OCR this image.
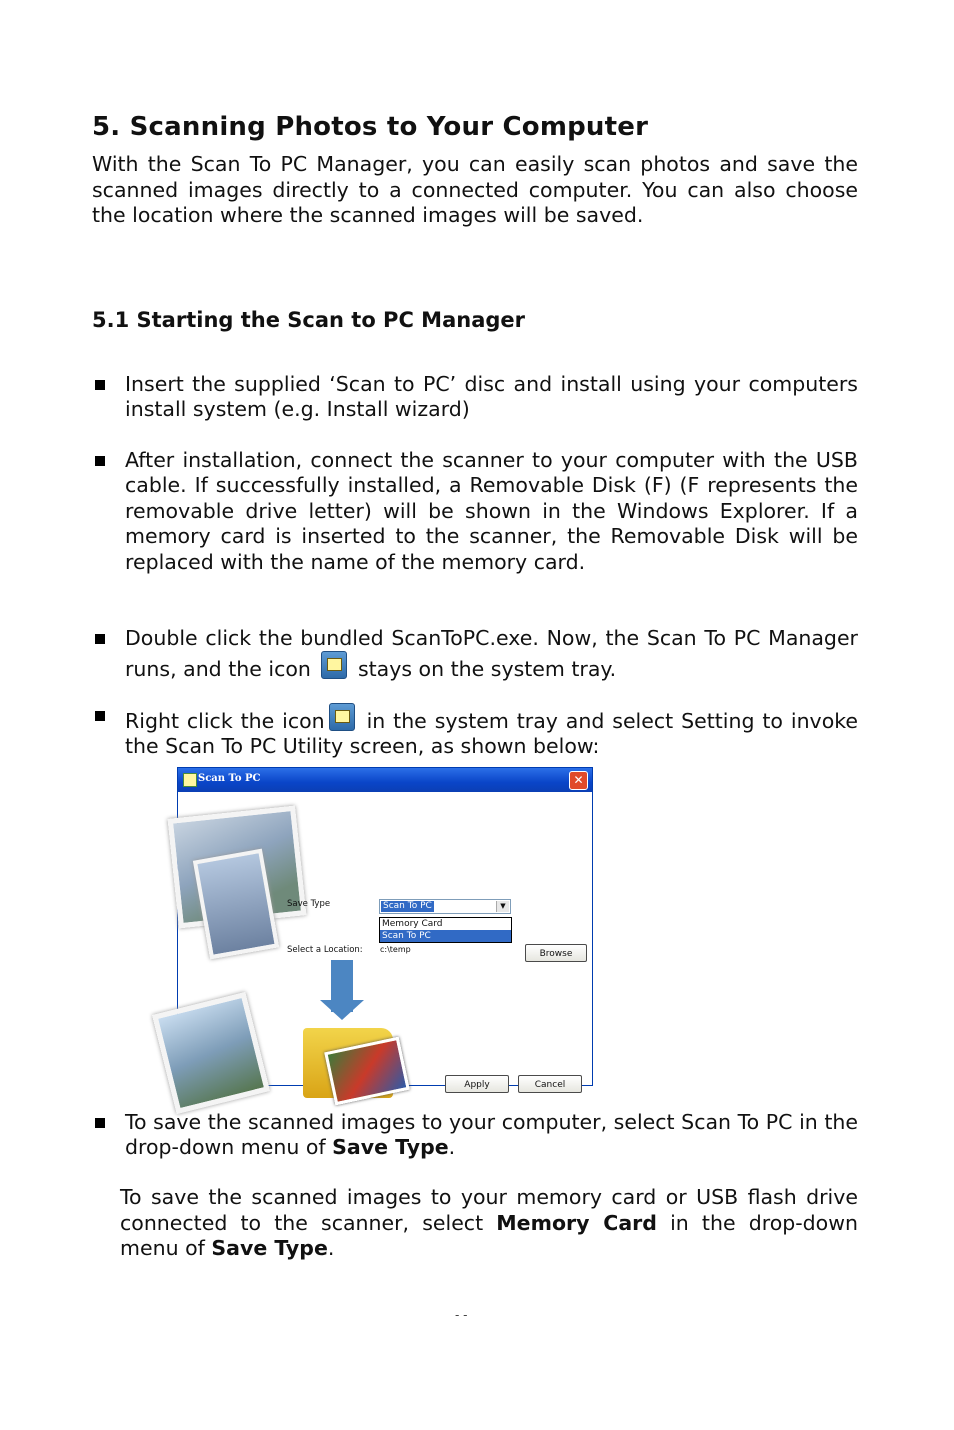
5. Scanning Photos to Your Computer

With the Scan To PC Manager, you can easily scan photos and save the scanned images directly to a connected computer. You can also choose the location where the scanned images will be saved.

5.1 Starting the Scan to PC Manager
Insert the supplied ‘Scan to PC’ disc and install using your computers install system (e.g. Install wizard)
After installation, connect the scanner to your computer with the USB cable. If successfully installed, a Removable Disk (F) (F represents the removable drive letter) will be shown in the Windows Explorer. If a memory card is inserted to the scanner, the Removable Disk will be replaced with the name of the memory card.
Double click the bundled ScanToPC.exe. Now, the Scan To PC Manager runs, and the icon stays on the system tray.
Right click the icon in the system tray and select Setting to invoke the Scan To PC Utility screen, as shown below:
Scan To PC	✕
Save Type	Scan To PC	▼
Memory Card
Scan To PC
Select a Location: c:\temp	Browse
Apply	Cancel
To save the scanned images to your computer, select Scan To PC in the drop-down menu of Save Type.
To save the scanned images to your memory card or USB flash drive connected to the scanner, select Memory Card in the drop-down menu of Save Type.
- -
